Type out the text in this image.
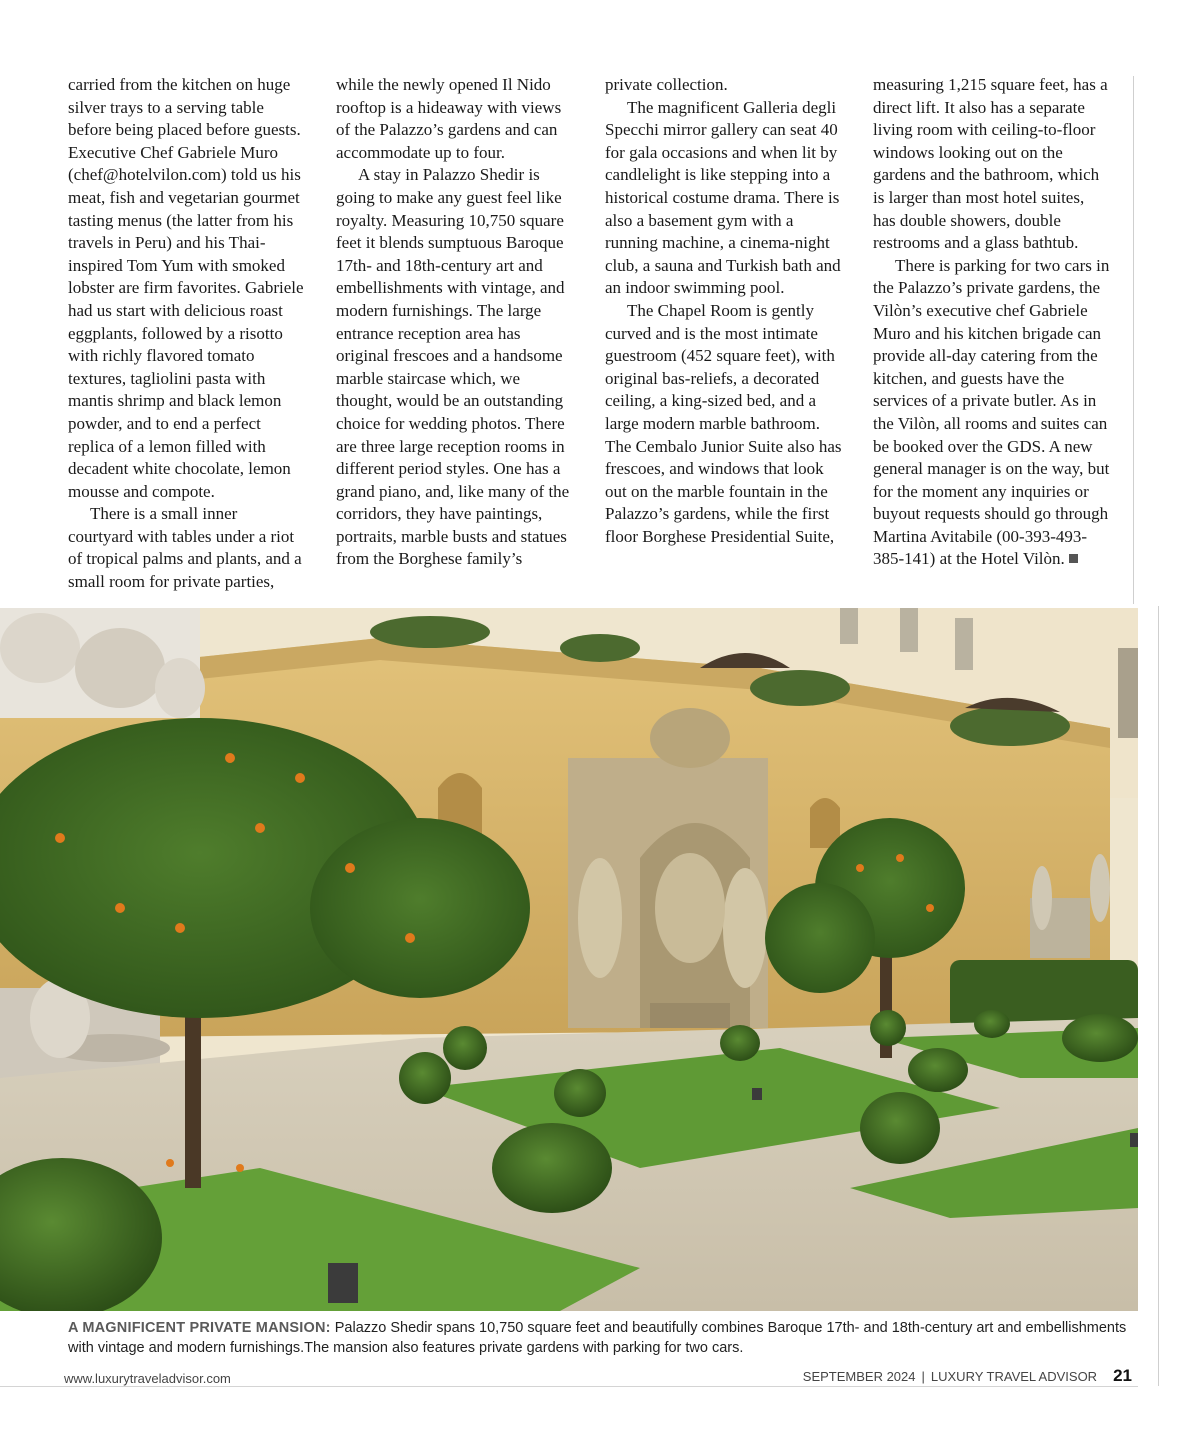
carried from the kitchen on huge silver trays to a serving table before being placed before guests. Executive Chef Gabriele Muro (chef@hotelvilon.com) told us his meat, fish and vegetarian gourmet tasting menus (the latter from his travels in Peru) and his Thai-inspired Tom Yum with smoked lobster are firm favorites. Gabriele had us start with delicious roast eggplants, followed by a risotto with richly flavored tomato textures, tagliolini pasta with mantis shrimp and black lemon powder, and to end a perfect replica of a lemon filled with decadent white chocolate, lemon mousse and compote.

There is a small inner courtyard with tables under a riot of tropical palms and plants, and a small room for private parties,

while the newly opened Il Nido rooftop is a hideaway with views of the Palazzo’s gardens and can accommodate up to four.

A stay in Palazzo Shedir is going to make any guest feel like royalty. Measuring 10,750 square feet it blends sumptuous Baroque 17th- and 18th-century art and embellishments with vintage, and modern furnishings. The large entrance reception area has original frescoes and a handsome marble staircase which, we thought, would be an outstanding choice for wedding photos. There are three large reception rooms in different period styles. One has a grand piano, and, like many of the corridors, they have paintings, portraits, marble busts and statues from the Borghese family’s

private collection.

The magnificent Galleria degli Specchi mirror gallery can seat 40 for gala occasions and when lit by candlelight is like stepping into a historical costume drama. There is also a basement gym with a running machine, a cinema-night club, a sauna and Turkish bath and an indoor swimming pool.

The Chapel Room is gently curved and is the most intimate guestroom (452 square feet), with original bas-reliefs, a decorated ceiling, a king-sized bed, and a large modern marble bathroom. The Cembalo Junior Suite also has frescoes, and windows that look out on the marble fountain in the Palazzo’s gardens, while the first floor Borghese Presidential Suite,

measuring 1,215 square feet, has a direct lift. It also has a separate living room with ceiling-to-floor windows looking out on the gardens and the bathroom, which is larger than most hotel suites, has double showers, double restrooms and a glass bathtub.

There is parking for two cars in the Palazzo’s private gardens, the Vilòn’s executive chef Gabriele Muro and his kitchen brigade can provide all-day catering from the kitchen, and guests have the services of a private butler. As in the Vilòn, all rooms and suites can be booked over the GDS. A new general manager is on the way, but for the moment any inquiries or buyout requests should go through Martina Avitabile (00-393-493-385-141) at the Hotel Vilòn.

A MAGNIFICENT PRIVATE MANSION: Palazzo Shedir spans 10,750 square feet and beautifully combines Baroque 17th- and 18th-century art and embellishments with vintage and modern furnishings.The mansion also features private gardens with parking for two cars.
www.luxurytraveladvisor.com	SEPTEMBER 2024 | LUXURY TRAVEL ADVISOR 21
